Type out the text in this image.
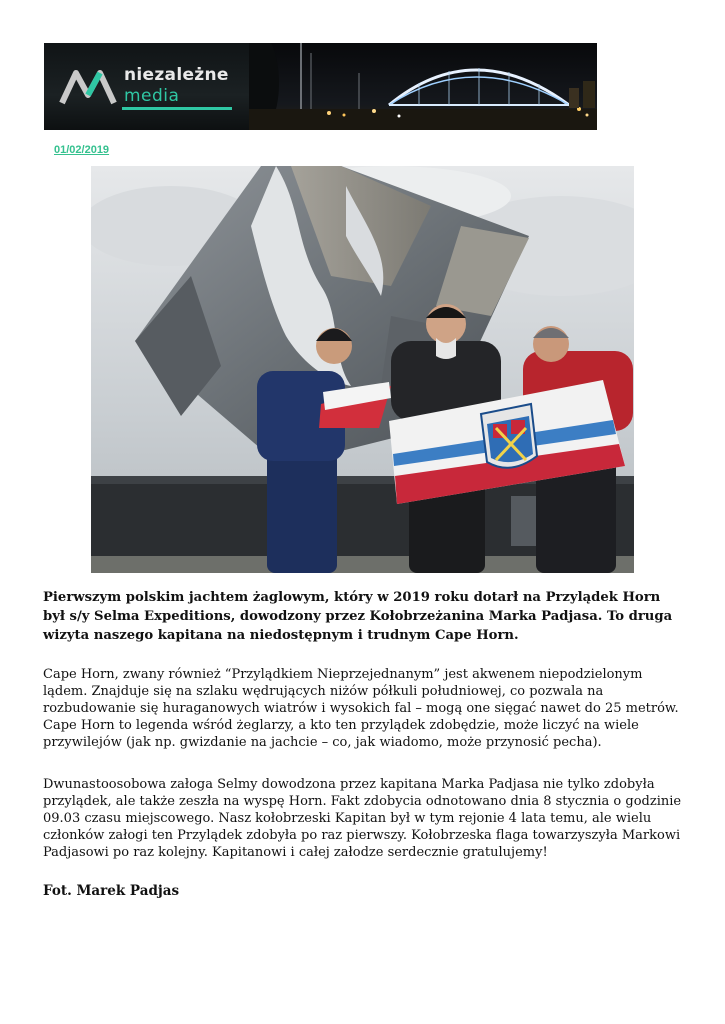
niezależne
media
01/02/2019

Pierwszym polskim jachtem żaglowym, który w 2019 roku dotarł na Przylądek Horn był s/y Selma Expeditions, dowodzony przez Kołobrzeżanina Marka Padjasa. To druga wizyta naszego kapitana na niedostępnym i trudnym Cape Horn.

Cape Horn, zwany również “Przylądkiem Nieprzejednanym” jest akwenem niepodzielonym lądem. Znajduje się na szlaku wędrujących niżów półkuli południowej, co pozwala na rozbudowanie się huraganowych wiatrów i wysokich fal – mogą one sięgać nawet do 25 metrów. Cape Horn to legenda wśród żeglarzy, a kto ten przylądek zdobędzie, może liczyć na wiele przywilejów (jak np. gwizdanie na jachcie – co, jak wiadomo, może przynosić pecha).

Dwunastoosobowa załoga Selmy dowodzona przez kapitana Marka Padjasa nie tylko zdobyła przylądek, ale także zeszła na wyspę Horn. Fakt zdobycia odnotowano dnia 8 stycznia o godzinie 09.03 czasu miejscowego. Nasz kołobrzeski Kapitan był w tym rejonie 4 lata temu, ale wielu członków załogi ten Przylądek zdobyła po raz pierwszy. Kołobrzeska flaga towarzyszyła Markowi Padjasowi po raz kolejny. Kapitanowi i całej załodze serdecznie gratulujemy!

Fot. Marek Padjas
